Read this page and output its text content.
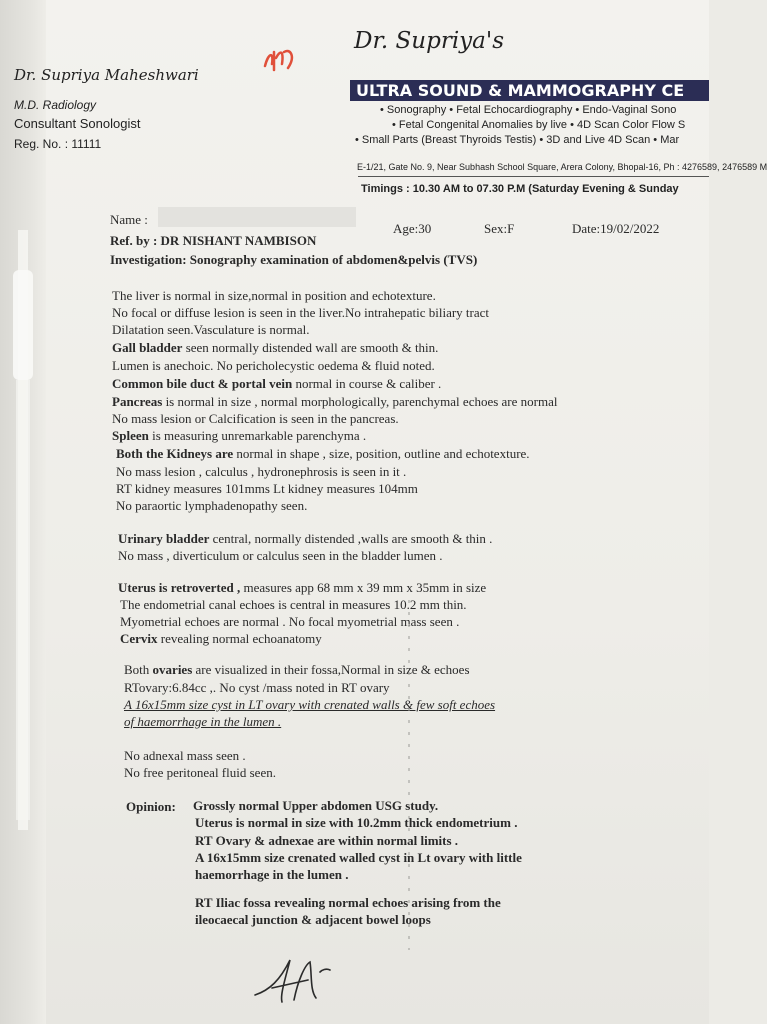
Dr. Supriya Maheshwari
M.D. Radiology
Consultant Sonologist
Reg. No. : 11111
Dr. Supriya's
ULTRA SOUND & MAMMOGRAPHY CE
• Sonography • Fetal Echocardiography • Endo-Vaginal Sono
• Fetal Congenital Anomalies by live • 4D Scan Color Flow S
• Small Parts (Breast Thyroids Testis) • 3D and Live 4D Scan • Mar
E-1/21, Gate No. 9, Near Subhash School Square, Arera Colony, Bhopal-16, Ph : 4276589, 2476589 M
Timings : 10.30 AM to 07.30 P.M (Saturday Evening & Sunday
Name :
Age:30	Sex:F	Date:19/02/2022
Ref. by : DR NISHANT NAMBISON
Investigation: Sonography examination of abdomen&pelvis (TVS)
The liver is normal in size,normal in position and echotexture.
No focal or diffuse lesion is seen in the liver.No intrahepatic biliary tract
Dilatation seen.Vasculature is normal.
Gall bladder seen normally distended wall are smooth & thin.
Lumen is anechoic. No pericholecystic oedema & fluid noted.
Common bile duct & portal vein normal in course & caliber .
Pancreas is normal in size , normal morphologically, parenchymal echoes are normal
No mass lesion or Calcification is seen in the pancreas.
Spleen is measuring unremarkable parenchyma .
Both the Kidneys are normal in shape , size, position, outline and echotexture.
No mass lesion , calculus , hydronephrosis is seen in it .
RT kidney measures 101mms Lt kidney measures 104mm
No paraortic lymphadenopathy seen.
Urinary bladder central, normally distended ,walls are smooth & thin .
No mass , diverticulum or calculus seen in the bladder lumen .
Uterus is retroverted , measures app 68 mm x 39 mm x 35mm in size
The endometrial canal echoes is central in measures 10.2 mm thin.
Myometrial echoes are normal . No focal myometrial mass seen .
Cervix revealing normal echoanatomy
Both ovaries are visualized in their fossa,Normal in size & echoes
RTovary:6.84cc ,. No cyst /mass noted in RT ovary
A 16x15mm size cyst in LT ovary with crenated walls & few soft echoes
of haemorrhage in the lumen .
No adnexal mass seen .
No free peritoneal fluid seen.
Opinion: Grossly normal Upper abdomen USG study.
Uterus is normal in size with 10.2mm thick endometrium .
RT Ovary & adnexae are within normal limits .
A 16x15mm size crenated walled cyst in Lt ovary with little
haemorrhage in the lumen .
RT Iliac fossa revealing normal echoes arising from the
ileocaecal junction & adjacent bowel loops
